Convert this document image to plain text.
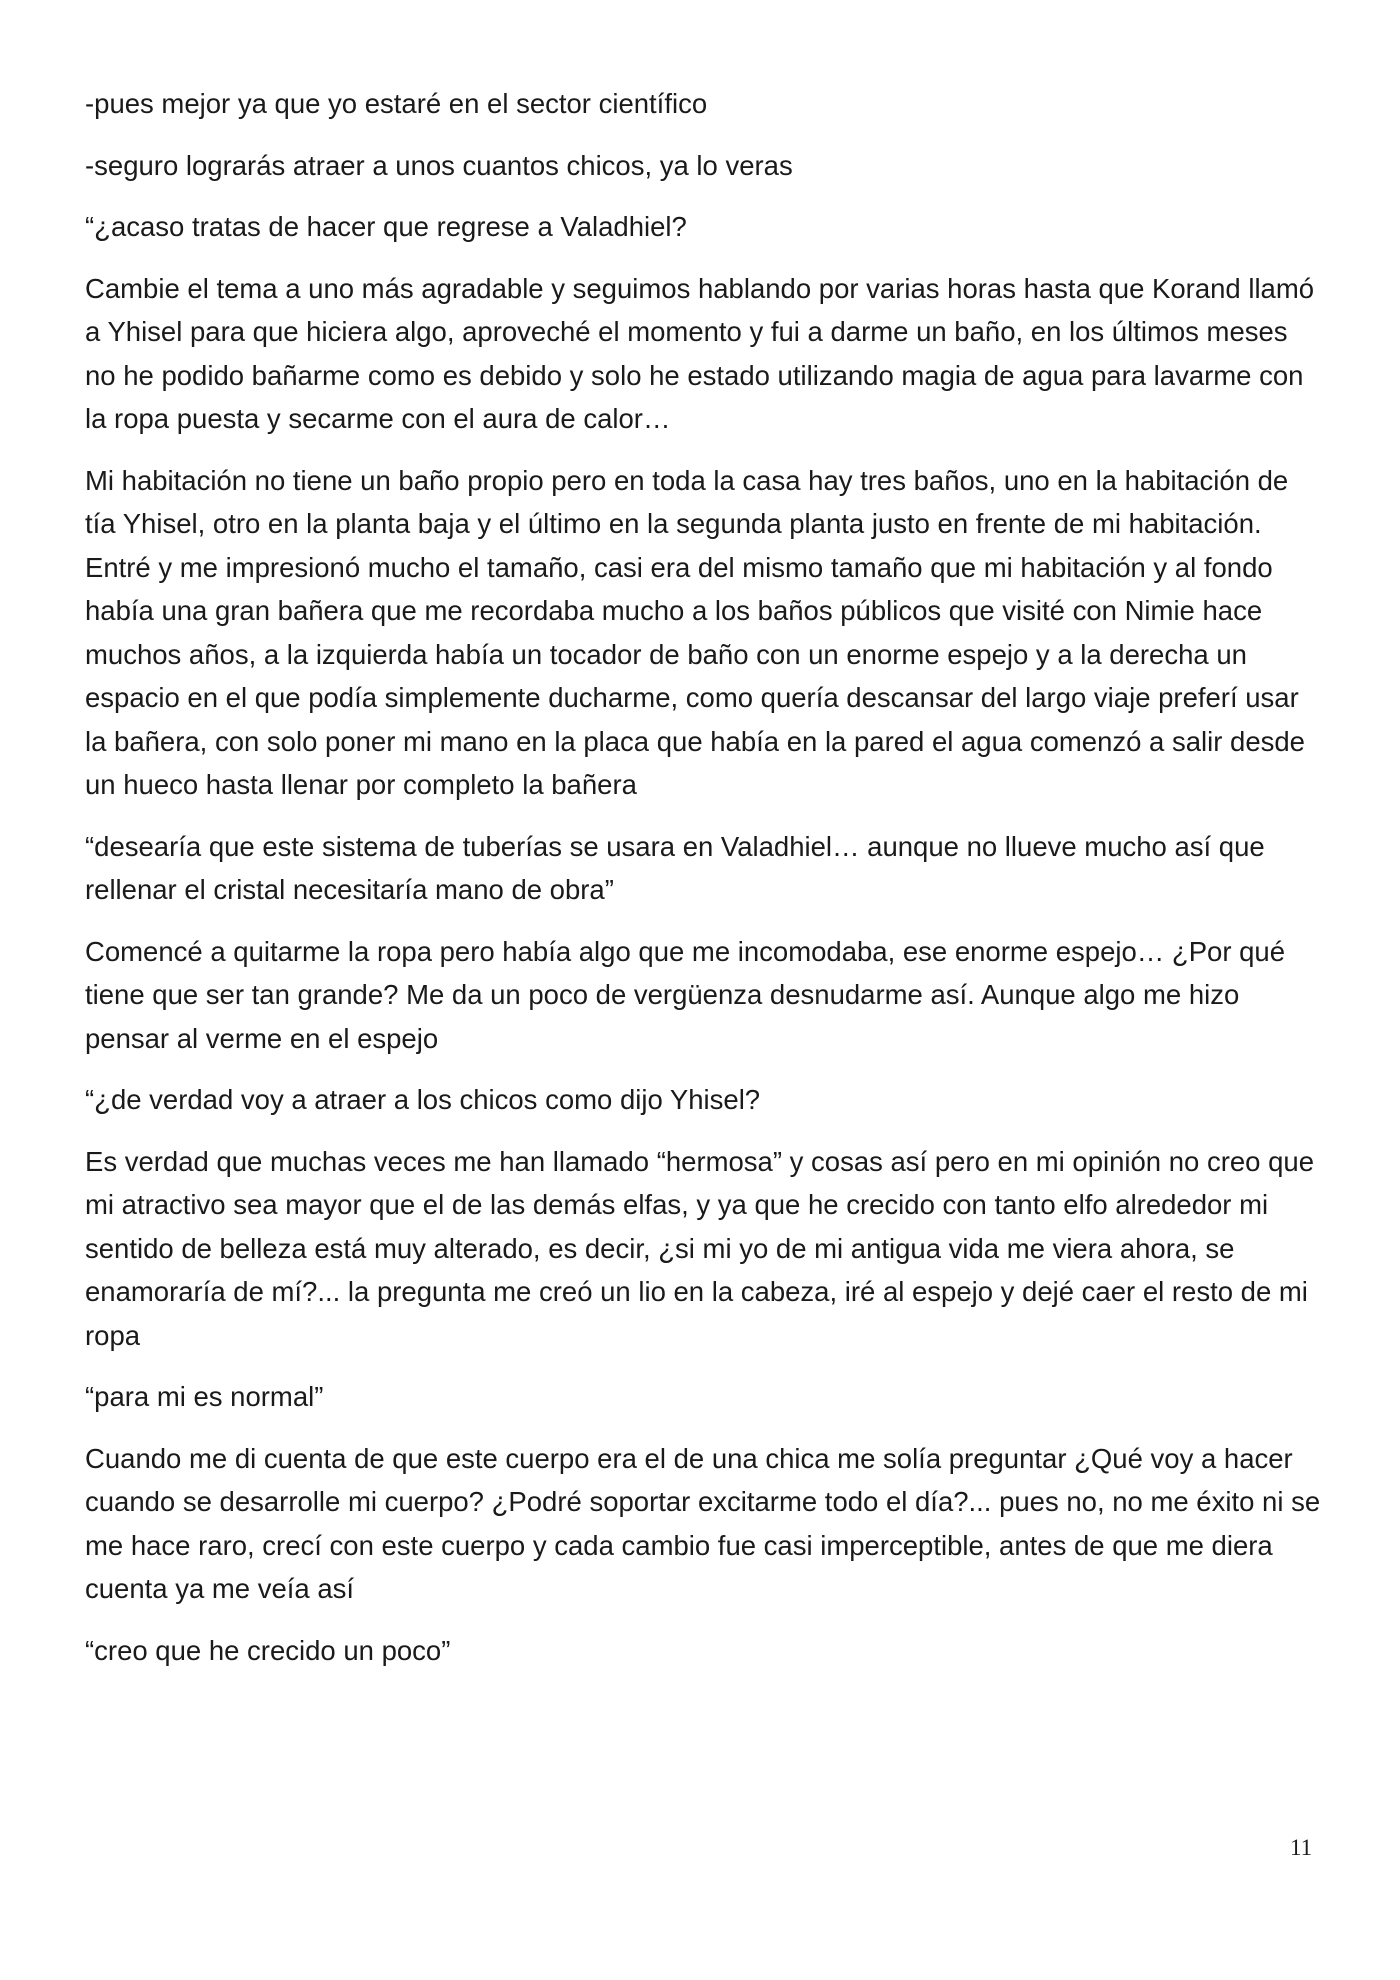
-pues mejor ya que yo estaré en el sector científico

-seguro lograrás atraer a unos cuantos chicos, ya lo veras

“¿acaso tratas de hacer que regrese a Valadhiel?

Cambie el tema a uno más agradable y seguimos hablando por varias horas hasta que Korand llamó a Yhisel para que hiciera algo, aproveché el momento y fui a darme un baño, en los últimos meses no he podido bañarme como es debido y solo he estado utilizando magia de agua para lavarme con la ropa puesta y secarme con el aura de calor…

Mi habitación no tiene un baño propio pero en toda la casa hay tres baños, uno en la habitación de tía Yhisel, otro en la planta baja y el último en la segunda planta justo en frente de mi habitación. Entré y me impresionó mucho el tamaño, casi era del mismo tamaño que mi habitación y al fondo había una gran bañera que me recordaba mucho a los baños públicos que visité con Nimie hace muchos años, a la izquierda había un tocador de baño con un enorme espejo y a la derecha un espacio en el que podía simplemente ducharme, como quería descansar del largo viaje preferí usar la bañera, con solo poner mi mano en la placa que había en la pared el agua comenzó a salir desde un hueco hasta llenar por completo la bañera

“desearía que este sistema de tuberías se usara en Valadhiel… aunque no llueve mucho así que rellenar el cristal necesitaría mano de obra”

Comencé a quitarme la ropa pero había algo que me incomodaba, ese enorme espejo… ¿Por qué tiene que ser tan grande? Me da un poco de vergüenza desnudarme así. Aunque algo me hizo pensar al verme en el espejo

“¿de verdad voy a atraer a los chicos como dijo Yhisel?

Es verdad que muchas veces me han llamado “hermosa” y cosas así pero en mi opinión no creo que mi atractivo sea mayor que el de las demás elfas, y ya que he crecido con tanto elfo alrededor mi sentido de belleza está muy alterado, es decir, ¿si mi yo de mi antigua vida me viera ahora, se enamoraría de mí?... la pregunta me creó un lio en la cabeza, iré al espejo y dejé caer el resto de mi ropa

“para mi es normal”

Cuando me di cuenta de que este cuerpo era el de una chica me solía preguntar ¿Qué voy a hacer cuando se desarrolle mi cuerpo? ¿Podré soportar excitarme todo el día?... pues no, no me éxito ni se me hace raro, crecí con este cuerpo y cada cambio fue casi imperceptible, antes de que me diera cuenta ya me veía así

“creo que he crecido un poco”

11
